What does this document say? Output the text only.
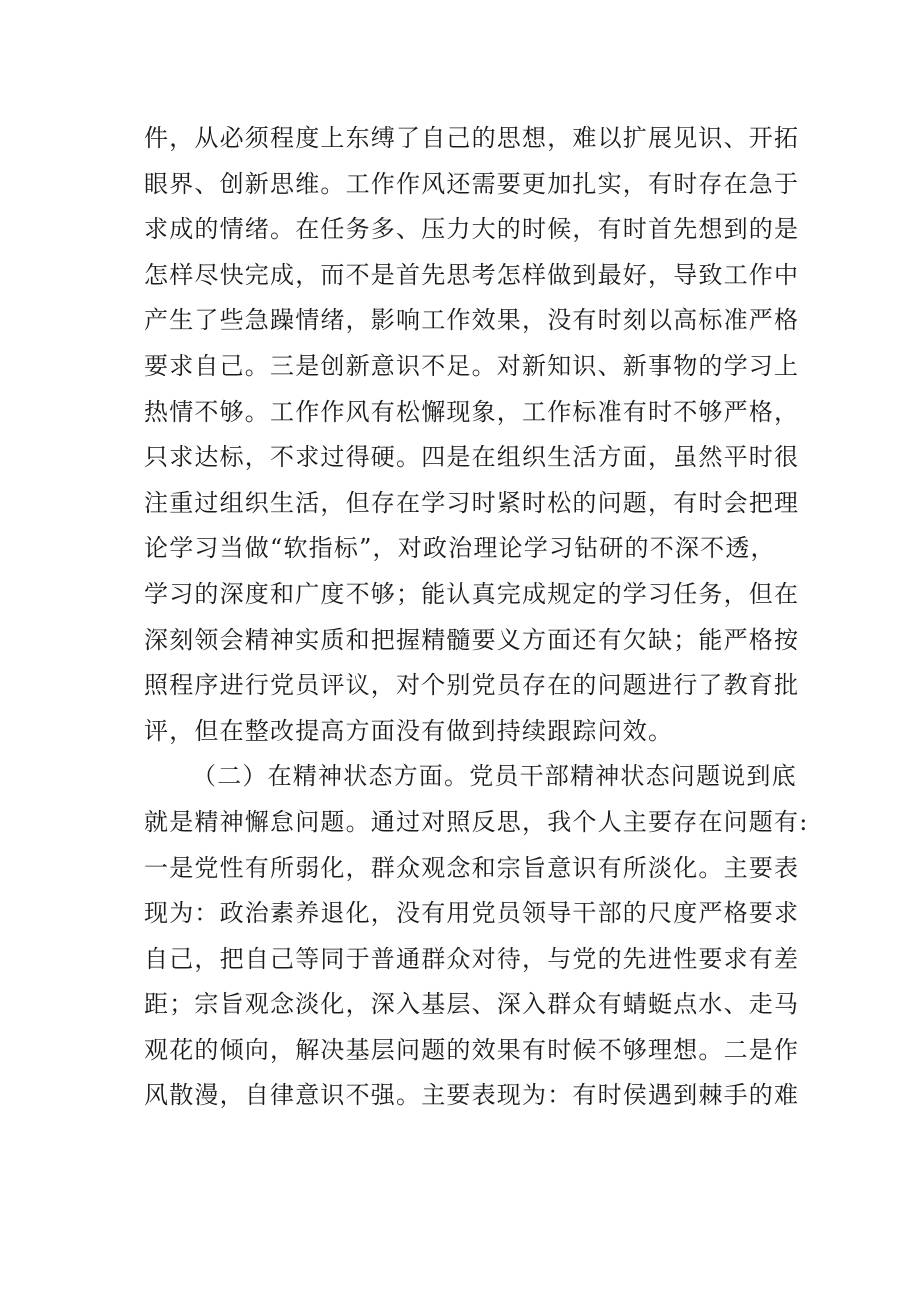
件，从必须程度上东缚了自己的思想，难以扩展见识、开拓
眼界、创新思维。工作作风还需要更加扎实，有时存在急于
求成的情绪。在任务多、压力大的时候，有时首先想到的是
怎样尽快完成，而不是首先思考怎样做到最好，导致工作中
产生了些急躁情绪，影响工作效果，没有时刻以高标准严格
要求自己。三是创新意识不足。对新知识、新事物的学习上
热情不够。工作作风有松懈现象，工作标准有时不够严格，
只求达标，不求过得硬。四是在组织生活方面，虽然平时很
注重过组织生活，但存在学习时紧时松的问题，有时会把理
论学习当做“软指标”，对政治理论学习钻研的不深不透，
学习的深度和广度不够；能认真完成规定的学习任务，但在
深刻领会精神实质和把握精髓要义方面还有欠缺；能严格按
照程序进行党员评议，对个别党员存在的问题进行了教育批
评，但在整改提高方面没有做到持续跟踪问效。
（二）在精神状态方面。党员干部精神状态问题说到底
就是精神懈怠问题。通过对照反思，我个人主要存在问题有:
一是党性有所弱化，群众观念和宗旨意识有所淡化。主要表
现为：政治素养退化，没有用党员领导干部的尺度严格要求
自己，把自己等同于普通群众对待，与党的先进性要求有差
距；宗旨观念淡化，深入基层、深入群众有蜻蜓点水、走马
观花的倾向，解决基层问题的效果有时候不够理想。二是作
风散漫，自律意识不强。主要表现为：有时侯遇到棘手的难
